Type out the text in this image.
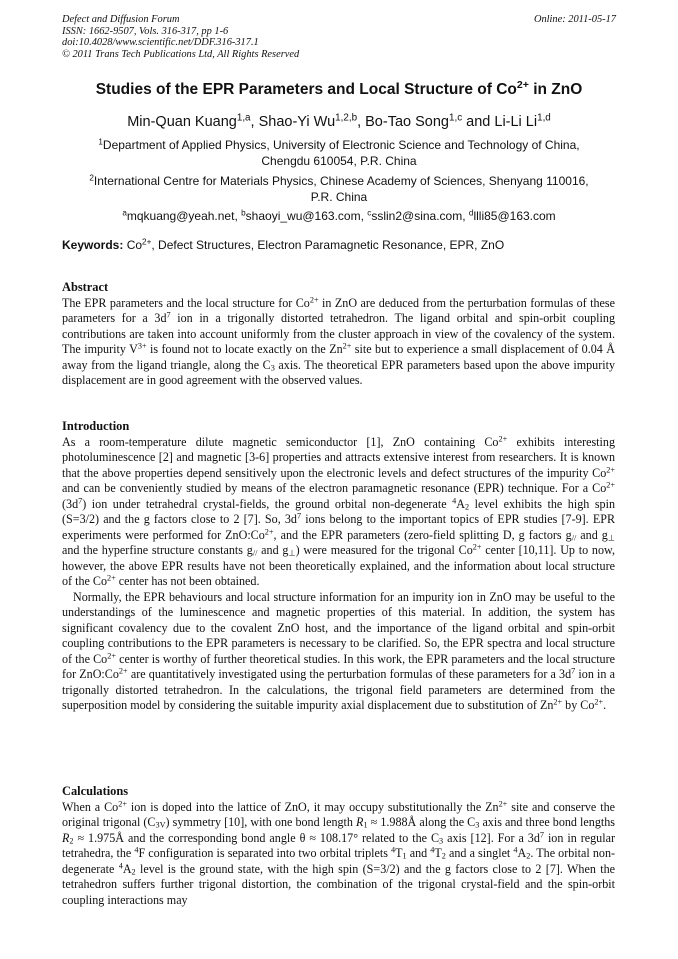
Defect and Diffusion Forum	Online: 2011-05-17
ISSN: 1662-9507, Vols. 316-317, pp 1-6
doi:10.4028/www.scientific.net/DDF.316-317.1
© 2011 Trans Tech Publications Ltd, All Rights Reserved
Studies of the EPR Parameters and Local Structure of $Co^{2+}$ in ZnO
Min-Quan Kuang$^{1,a}$, Shao-Yi Wu$^{1,2,b}$, Bo-Tao Song$^{1,c}$ and Li-Li Li$^{1,d}$
$^1$Department of Applied Physics, University of Electronic Science and Technology of China,
Chengdu 610054, P.R. China
$^2$International Centre for Materials Physics, Chinese Academy of Sciences, Shenyang 110016,
P.R. China
$^a$mqkuang@yeah.net, $^b$shaoyi_wu@163.com, $^c$sslin2@sina.com, $^d$llli85@163.com
Keywords: $Co^{2+}$, Defect Structures, Electron Paramagnetic Resonance, EPR, ZnO
Abstract

The EPR parameters and the local structure for $Co^{2+}$ in ZnO are deduced from the perturbation formulas of these parameters for a $3d^7$ ion in a trigonally distorted tetrahedron. The ligand orbital and spin-orbit coupling contributions are taken into account uniformly from the cluster approach in view of the covalency of the system. The impurity $V^{3+}$ is found not to locate exactly on the $Zn^{2+}$ site but to experience a small displacement of 0.04 Å away from the ligand triangle, along the $C_3$ axis. The theoretical EPR parameters based upon the above impurity displacement are in good agreement with the observed values.

Introduction

As a room-temperature dilute magnetic semiconductor [1], ZnO containing $Co^{2+}$ exhibits interesting photoluminescence [2] and magnetic [3-6] properties and attracts extensive interest from researchers. It is known that the above properties depend sensitively upon the electronic levels and defect structures of the impurity $Co^{2+}$ and can be conveniently studied by means of the electron paramagnetic resonance (EPR) technique. For a $Co^{2+}$ $(3d^7)$ ion under tetrahedral crystal-fields, the ground orbital non-degenerate $^4A_2$ level exhibits the high spin (S=3/2) and the g factors close to 2 [7]. So, $3d^7$ ions belong to the important topics of EPR studies [7-9]. EPR experiments were performed for $ZnO:Co^{2+}$, and the EPR parameters (zero-field splitting D, g factors $g_{//}$ and $g_\perp$ and the hyperfine structure constants $g_{//}$ and $g_\perp$) were measured for the trigonal $Co^{2+}$ center [10,11]. Up to now, however, the above EPR results have not been theoretically explained, and the information about local structure of the $Co^{2+}$ center has not been obtained.

Normally, the EPR behaviours and local structure information for an impurity ion in ZnO may be useful to the understandings of the luminescence and magnetic properties of this material. In addition, the system has significant covalency due to the covalent ZnO host, and the importance of the ligand orbital and spin-orbit coupling contributions to the EPR parameters is necessary to be clarified. So, the EPR spectra and local structure of the $Co^{2+}$ center is worthy of further theoretical studies. In this work, the EPR parameters and the local structure for $ZnO:Co^{2+}$ are quantitatively investigated using the perturbation formulas of these parameters for a $3d^7$ ion in a trigonally distorted tetrahedron. In the calculations, the trigonal field parameters are determined from the superposition model by considering the suitable impurity axial displacement due to substitution of $Zn^{2+}$ by $Co^{2+}$.

Calculations

When a $Co^{2+}$ ion is doped into the lattice of ZnO, it may occupy substitutionally the $Zn^{2+}$ site and conserve the original trigonal $(C_{3V})$ symmetry [10], with one bond length $R_1$ ≈ 1.988Å along the $C_3$ axis and three bond lengths $R_2$ ≈ 1.975Å and the corresponding bond angle θ ≈ 108.17° related to the $C_3$ axis [12]. For a $3d^7$ ion in regular tetrahedra, the $^4$F configuration is separated into two orbital triplets $^4T_1$ and $^4T_2$ and a singlet $^4A_2$. The orbital non-degenerate $^4A_2$ level is the ground state, with the high spin (S=3/2) and the g factors close to 2 [7]. When the tetrahedron suffers further trigonal distortion, the combination of the trigonal crystal-field and the spin-orbit coupling interactions may
